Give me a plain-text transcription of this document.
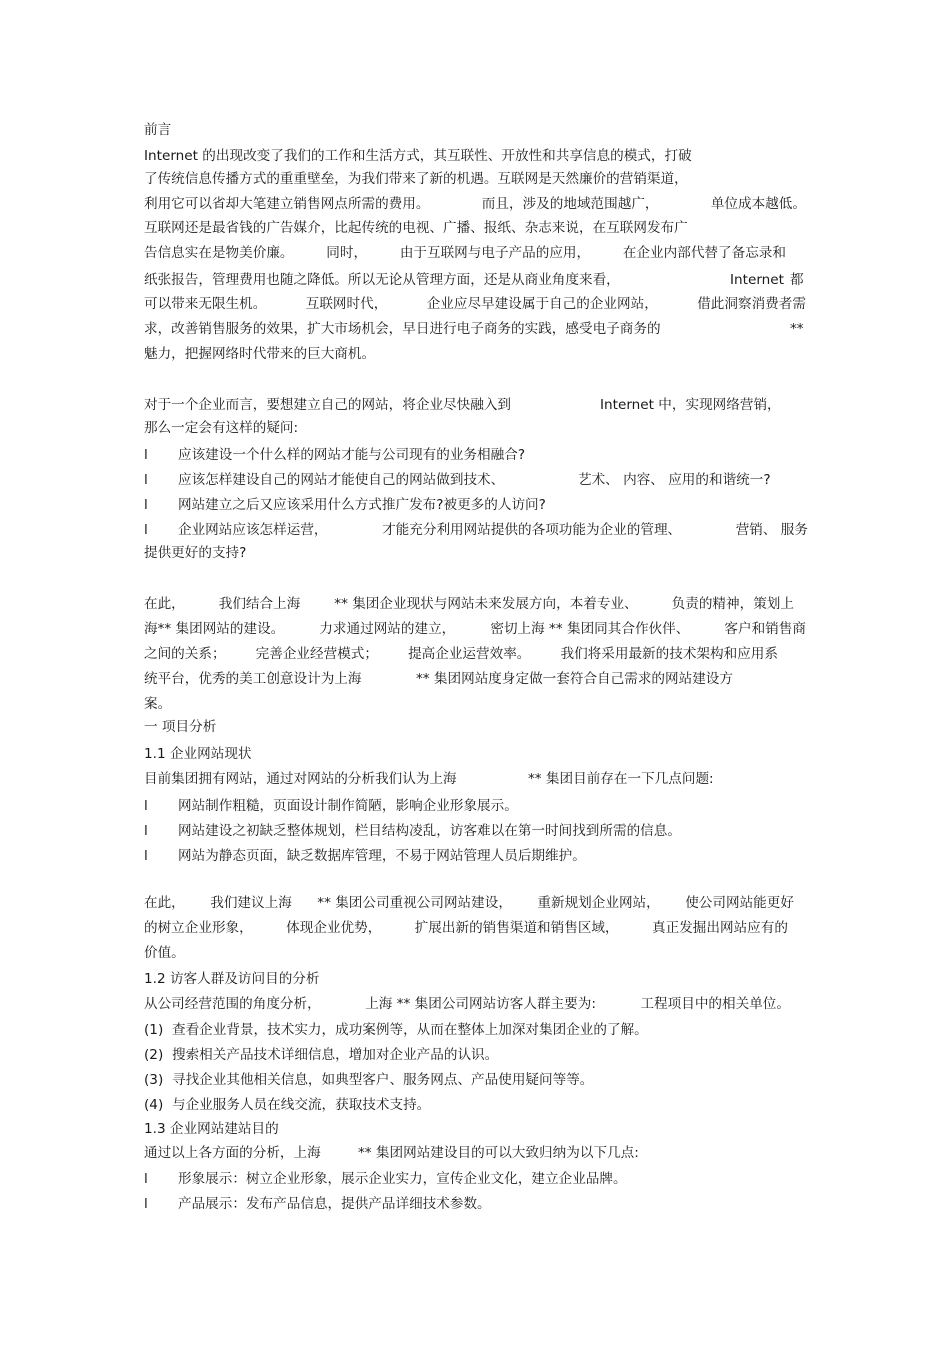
前言
Internet 的出现改变了我们的工作和生活方式，其互联性、开放性和共享信息的模式，打破
了传统信息传播方式的重重壁垒，为我们带来了新的机遇。互联网是天然廉价的营销渠道，
利用它可以省却大笔建立销售网点所需的费用。	而且，涉及的地域范围越广，	单位成本越低。
互联网还是最省钱的广告媒介，比起传统的电视、广播、报纸、杂志来说，在互联网发布广
告信息实在是物美价廉。 同时， 由于互联网与电子产品的应用， 在企业内部代替了备忘录和
纸张报告，管理费用也随之降低。所以无论从管理方面，还是从商业角度来看，	Internet 都
可以带来无限生机。	互联网时代，	企业应尽早建设属于自己的企业网站，	借此洞察消费者需
求，改善销售服务的效果，扩大市场机会，早日进行电子商务的实践，感受电子商务的	**
魅力，把握网络时代带来的巨大商机。
对于一个企业而言，要想建立自己的网站，将企业尽快融入到	Internet 中，实现网络营销，
那么一定会有这样的疑问:
l	应该建设一个什么样的网站才能与公司现有的业务相融合?
l	应该怎样建设自己的网站才能使自己的网站做到技术、	艺术、 内容、 应用的和谐统一?
l	网站建立之后又应该采用什么方式推广发布?被更多的人访问?
l	企业网站应该怎样运营，	才能充分利用网站提供的各项功能为企业的管理、	营销、 服务
提供更好的支持?
在此， 我们结合上海 ** 集团企业现状与网站未来发展方向，本着专业、 负责的精神，策划上
海** 集团网站的建设。	力求通过网站的建立，	密切上海 ** 集团同其合作伙伴、	客户和销售商
之间的关系； 完善企业经营模式； 提高企业运营效率。 我们将采用最新的技术架构和应用系
统平台，优秀的美工创意设计为上海	** 集团网站度身定做一套符合自己需求的网站建设方
案。
一 项目分析
1.1 企业网站现状
目前集团拥有网站，通过对网站的分析我们认为上海	** 集团目前存在一下几点问题:
l	网站制作粗糙，页面设计制作简陋，影响企业形象展示。
l	网站建设之初缺乏整体规划，栏目结构凌乱，访客难以在第一时间找到所需的信息。
l	网站为静态页面，缺乏数据库管理，不易于网站管理人员后期维护。
在此， 我们建议上海 ** 集团公司重视公司网站建设， 重新规划企业网站， 使公司网站能更好
的树立企业形象， 体现企业优势， 扩展出新的销售渠道和销售区域， 真正发掘出网站应有的
价值。
1.2 访客人群及访问目的分析
从公司经营范围的角度分析，	上海 ** 集团公司网站访客人群主要为:	工程项目中的相关单位。
(1) 查看企业背景，技术实力，成功案例等，从而在整体上加深对集团企业的了解。
(2) 搜索相关产品技术详细信息，增加对企业产品的认识。
(3) 寻找企业其他相关信息，如典型客户、服务网点、产品使用疑问等等。
(4) 与企业服务人员在线交流，获取技术支持。
1.3 企业网站建站目的
通过以上各方面的分析，上海	** 集团网站建设目的可以大致归纳为以下几点:
l	形象展示：树立企业形象，展示企业实力，宣传企业文化，建立企业品牌。
l	产品展示：发布产品信息，提供产品详细技术参数。
